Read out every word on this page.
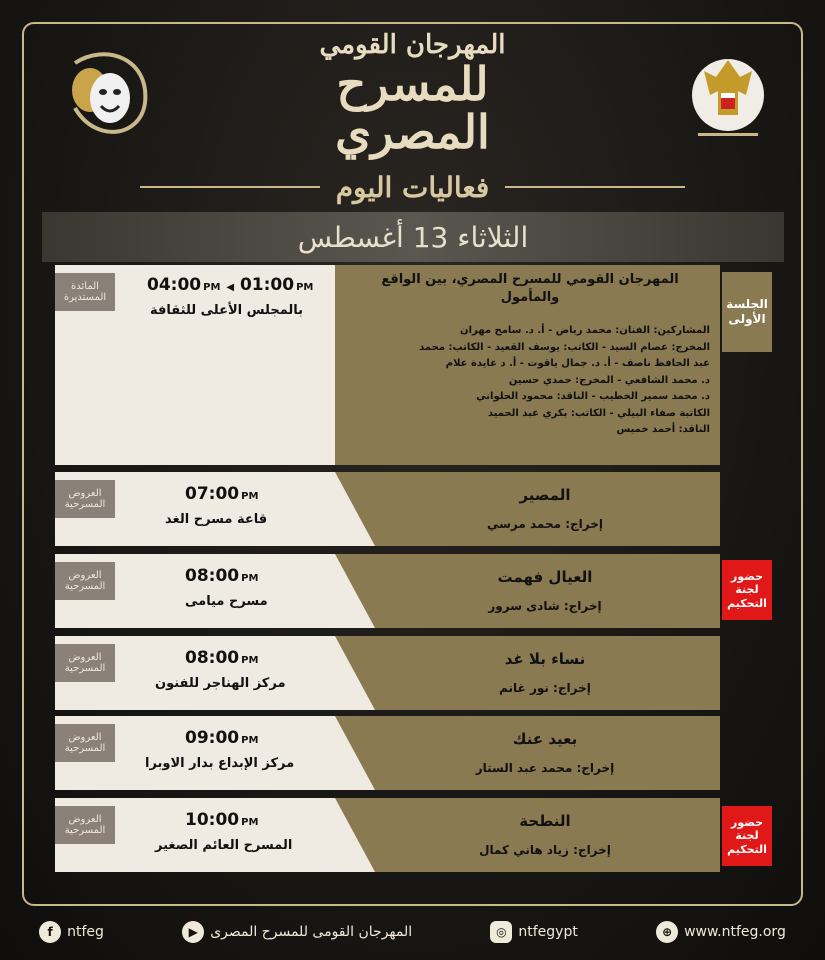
المهرجان القومي
للمسرح المصري
فعاليات اليوم
الثلاثاء 13 أغسطس
الجلسة الأولى
المائدة المستديرة
04:00 PM ◀ 01:00 PM
بالمجلس الأعلى للثقافة
المهرجان القومي للمسرح المصري، بين الواقع والمأمول
المشاركين: الفنان: محمد رياض - أ. د. سامح مهران
المخرج: عصام السيد - الكاتب: يوسف القعيد - الكاتب: محمد
عبد الحافظ ناصف - أ. د. جمال ياقوت - أ. د عايدة علام
د. محمد الشافعي - المخرج: حمدي حسين
د. محمد سمير الخطيب - الناقد: محمود الحلواني
الكاتبة صفاء البيلي - الكاتب: بكري عبد الحميد
الناقد: أحمد خميس
العروض المسرحية
07:00 PM
قاعة مسرح الغد
المصير
إخراج: محمد مرسي
العروض المسرحية
08:00 PM
مسرح ميامى
العيال فهمت
إخراج: شادى سرور
حضور لجنة التحكيم
العروض المسرحية
08:00 PM
مركز الهناجر للفنون
نساء بلا غد
إخراج: نور غانم
العروض المسرحية
09:00 PM
مركز الإبداع بدار الاوبرا
بعيد عنك
إخراج: محمد عبد الستار
العروض المسرحية
10:00 PM
المسرح العائم الصغير
النطحة
إخراج: زياد هاني كمال
حضور لجنة التحكيم
f	ntfeg	▶ المهرجان القومى للمسرح المصرى	◎ ntfegypt	⊕ www.ntfeg.org
